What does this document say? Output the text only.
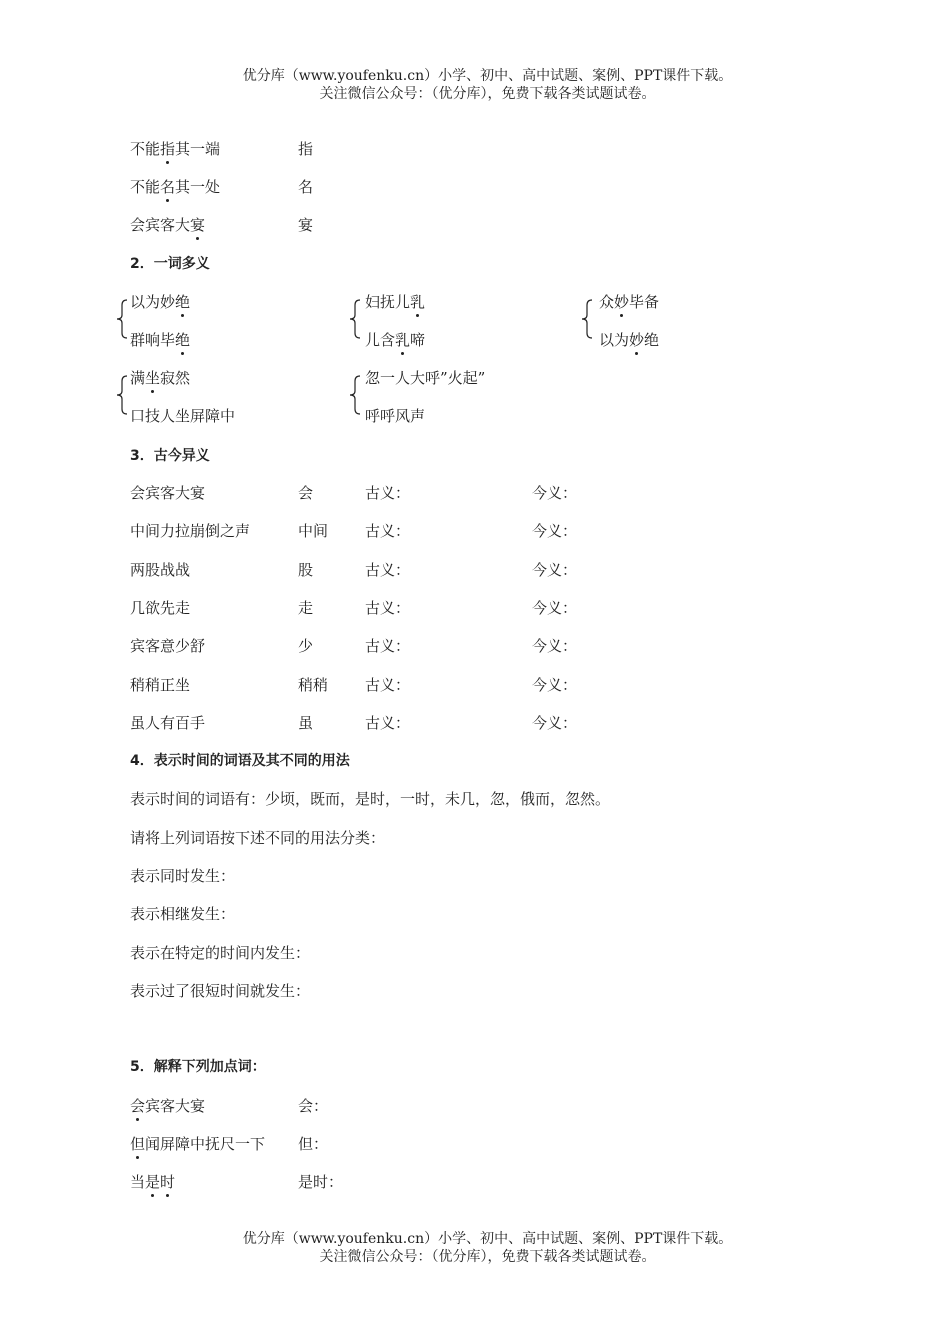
优分库（www.youfenku.cn）小学、初中、高中试题、案例、PPT课件下载。
关注微信公众号：（优分库），免费下载各类试题试卷。
不能指其一端	指
不能名其一处	名
会宾客大宴	宴
2．一词多义
以为妙绝
群响毕绝
妇抚儿乳
儿含乳啼
众妙毕备
以为妙绝
满坐寂然
口技人坐屏障中
忽一人大呼”火起”
呼呼风声
3．古今异义
会宾客大宴	会	古义：	今义：
中间力拉崩倒之声	中间 古义：	今义：
两股战战	股	古义：	今义：
几欲先走	走	古义：	今义：
宾客意少舒	少	古义：	今义：
稍稍正坐	稍稍 古义：	今义：
虽人有百手	虽	古义：	今义：
4．表示时间的词语及其不同的用法
表示时间的词语有：少顷，既而，是时，一时，未几，忽，俄而，忽然。
请将上列词语按下述不同的用法分类：
表示同时发生：
表示相继发生：
表示在特定的时间内发生：
表示过了很短时间就发生：
5．解释下列加点词：
会宾客大宴	会：
但闻屏障中抚尺一下 但：
当是时	是时：
优分库（www.youfenku.cn）小学、初中、高中试题、案例、PPT课件下载。
关注微信公众号：（优分库），免费下载各类试题试卷。
